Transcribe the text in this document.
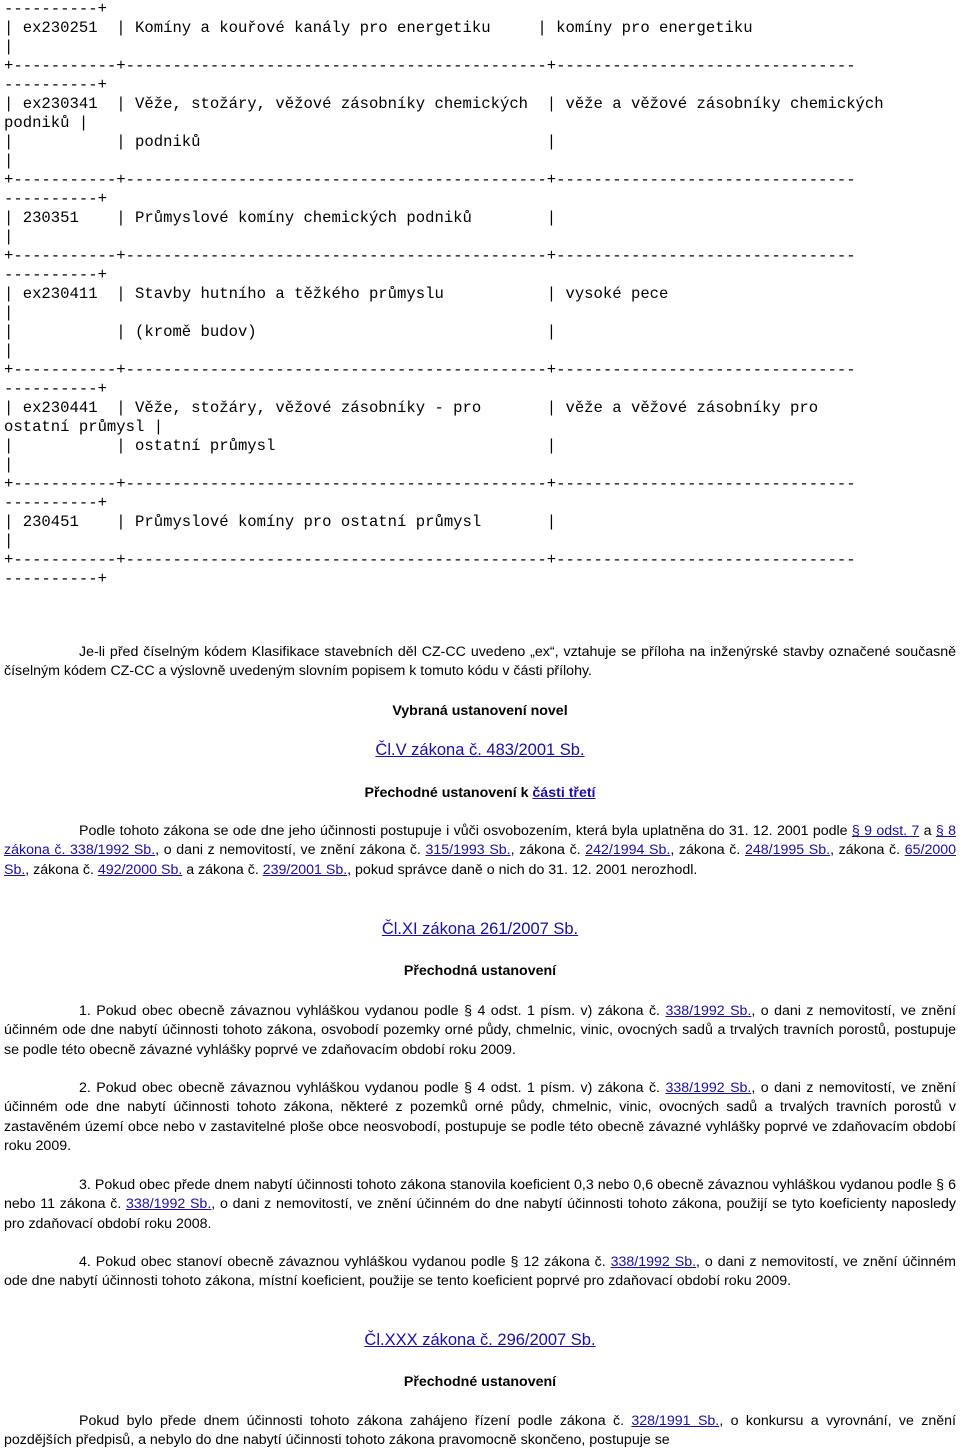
----------+
| ex230251  | Komíny a kouřové kanály pro energetiku     | komíny pro energetiku
|
+-----------+---------------------------------------------+--------------------------------
----------+
| ex230341  | Věže, stožáry, věžové zásobníky chemických  | věže a věžové zásobníky chemických
podniků |
|           | podniků                                     |
|
+-----------+---------------------------------------------+--------------------------------
----------+
| 230351    | Průmyslové komíny chemických podniků        |
|
+-----------+---------------------------------------------+--------------------------------
----------+
| ex230411  | Stavby hutního a těžkého průmyslu           | vysoké pece
|
|           | (kromě budov)                               |
|
+-----------+---------------------------------------------+--------------------------------
----------+
| ex230441  | Věže, stožáry, věžové zásobníky - pro       | věže a věžové zásobníky pro
ostatní průmysl |
|           | ostatní průmysl                             |
|
+-----------+---------------------------------------------+--------------------------------
----------+
| 230451    | Průmyslové komíny pro ostatní průmysl       |
|
+-----------+---------------------------------------------+--------------------------------
----------+

Je-li před číselným kódem Klasifikace stavebních děl CZ-CC uvedeno „ex“, vztahuje se příloha na inženýrské stavby označené současně číselným kódem CZ-CC a výslovně uvedeným slovním popisem k tomuto kódu v části přílohy.

Vybraná ustanovení novel

Čl.V zákona č. 483/2001 Sb.

Přechodné ustanovení k části třetí

Podle tohoto zákona se ode dne jeho účinnosti postupuje i vůči osvobozením, která byla uplatněna do 31. 12. 2001 podle § 9 odst. 7 a § 8 zákona č. 338/1992 Sb., o dani z nemovitostí, ve znění zákona č. 315/1993 Sb., zákona č. 242/1994 Sb., zákona č. 248/1995 Sb., zákona č. 65/2000 Sb., zákona č. 492/2000 Sb. a zákona č. 239/2001 Sb., pokud správce daně o nich do 31. 12. 2001 nerozhodl.

Čl.XI zákona 261/2007 Sb.

Přechodná ustanovení

1. Pokud obec obecně závaznou vyhláškou vydanou podle § 4 odst. 1 písm. v) zákona č. 338/1992 Sb., o dani z nemovitostí, ve znění účinném ode dne nabytí účinnosti tohoto zákona, osvobodí pozemky orné půdy, chmelnic, vinic, ovocných sadů a trvalých travních porostů, postupuje se podle této obecně závazné vyhlášky poprvé ve zdaňovacím období roku 2009.

2. Pokud obec obecně závaznou vyhláškou vydanou podle § 4 odst. 1 písm. v) zákona č. 338/1992 Sb., o dani z nemovitostí, ve znění účinném ode dne nabytí účinnosti tohoto zákona, některé z pozemků orné půdy, chmelnic, vinic, ovocných sadů a trvalých travních porostů v zastavěném území obce nebo v zastavitelné ploše obce neosvobodí, postupuje se podle této obecně závazné vyhlášky poprvé ve zdaňovacím období roku 2009.

3. Pokud obec přede dnem nabytí účinnosti tohoto zákona stanovila koeficient 0,3 nebo 0,6 obecně závaznou vyhláškou vydanou podle § 6 nebo 11 zákona č. 338/1992 Sb., o dani z nemovitostí, ve znění účinném do dne nabytí účinnosti tohoto zákona, použijí se tyto koeficienty naposledy pro zdaňovací období roku 2008.

4. Pokud obec stanoví obecně závaznou vyhláškou vydanou podle § 12 zákona č. 338/1992 Sb., o dani z nemovitostí, ve znění účinném ode dne nabytí účinnosti tohoto zákona, místní koeficient, použije se tento koeficient poprvé pro zdaňovací období roku 2009.

Čl.XXX zákona č. 296/2007 Sb.

Přechodné ustanovení

Pokud bylo přede dnem účinnosti tohoto zákona zahájeno řízení podle zákona č. 328/1991 Sb., o konkursu a vyrovnání, ve znění pozdějších předpisů, a nebylo do dne nabytí účinnosti tohoto zákona pravomocně skončeno, postupuje se
